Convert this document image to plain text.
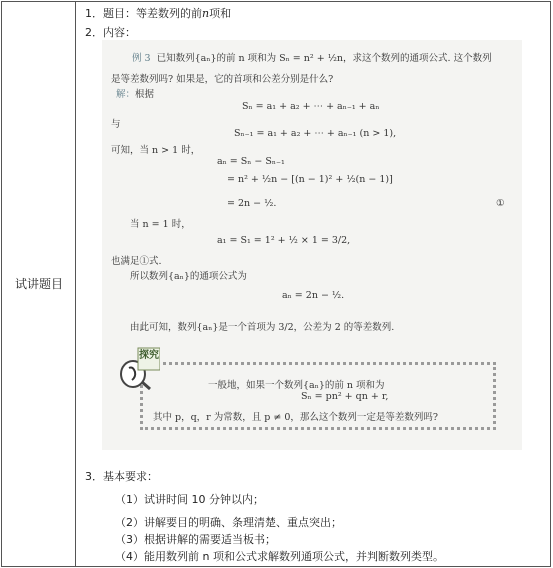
试讲题目
1．题目：等差数列的前n项和
2．内容：
3．基本要求：
（1）试讲时间 10 分钟以内；
（2）讲解要目的明确、条理清楚、重点突出；
（3）根据讲解的需要适当板书；
（4）能用数列前 n 项和公式求解数列通项公式，并判断数列类型。
例 3 已知数列{aₙ}的前 n 项和为 Sₙ = n² + ½n，求这个数列的通项公式. 这个数列
是等差数列吗? 如果是，它的首项和公差分别是什么?
解：根据
Sₙ = a₁ + a₂ + ⋯ + aₙ₋₁ + aₙ
与
Sₙ₋₁ = a₁ + a₂ + ⋯ + aₙ₋₁ (n > 1),
可知，当 n > 1 时，
aₙ = Sₙ − Sₙ₋₁
= n² + ½n − [(n − 1)² + ½(n − 1)]
= 2n − ½.	①
当 n = 1 时，
a₁ = S₁ = 1² + ½ × 1 = 3/2,
也满足①式.
所以数列{aₙ}的通项公式为
aₙ = 2n − ½.
由此可知，数列{aₙ}是一个首项为 3/2，公差为 2 的等差数列.
一般地，如果一个数列{aₙ}的前 n 项和为
Sₙ = pn² + qn + r,
其中 p，q，r 为常数，且 p ≠ 0，那么这个数列一定是等差数列吗?
探究
